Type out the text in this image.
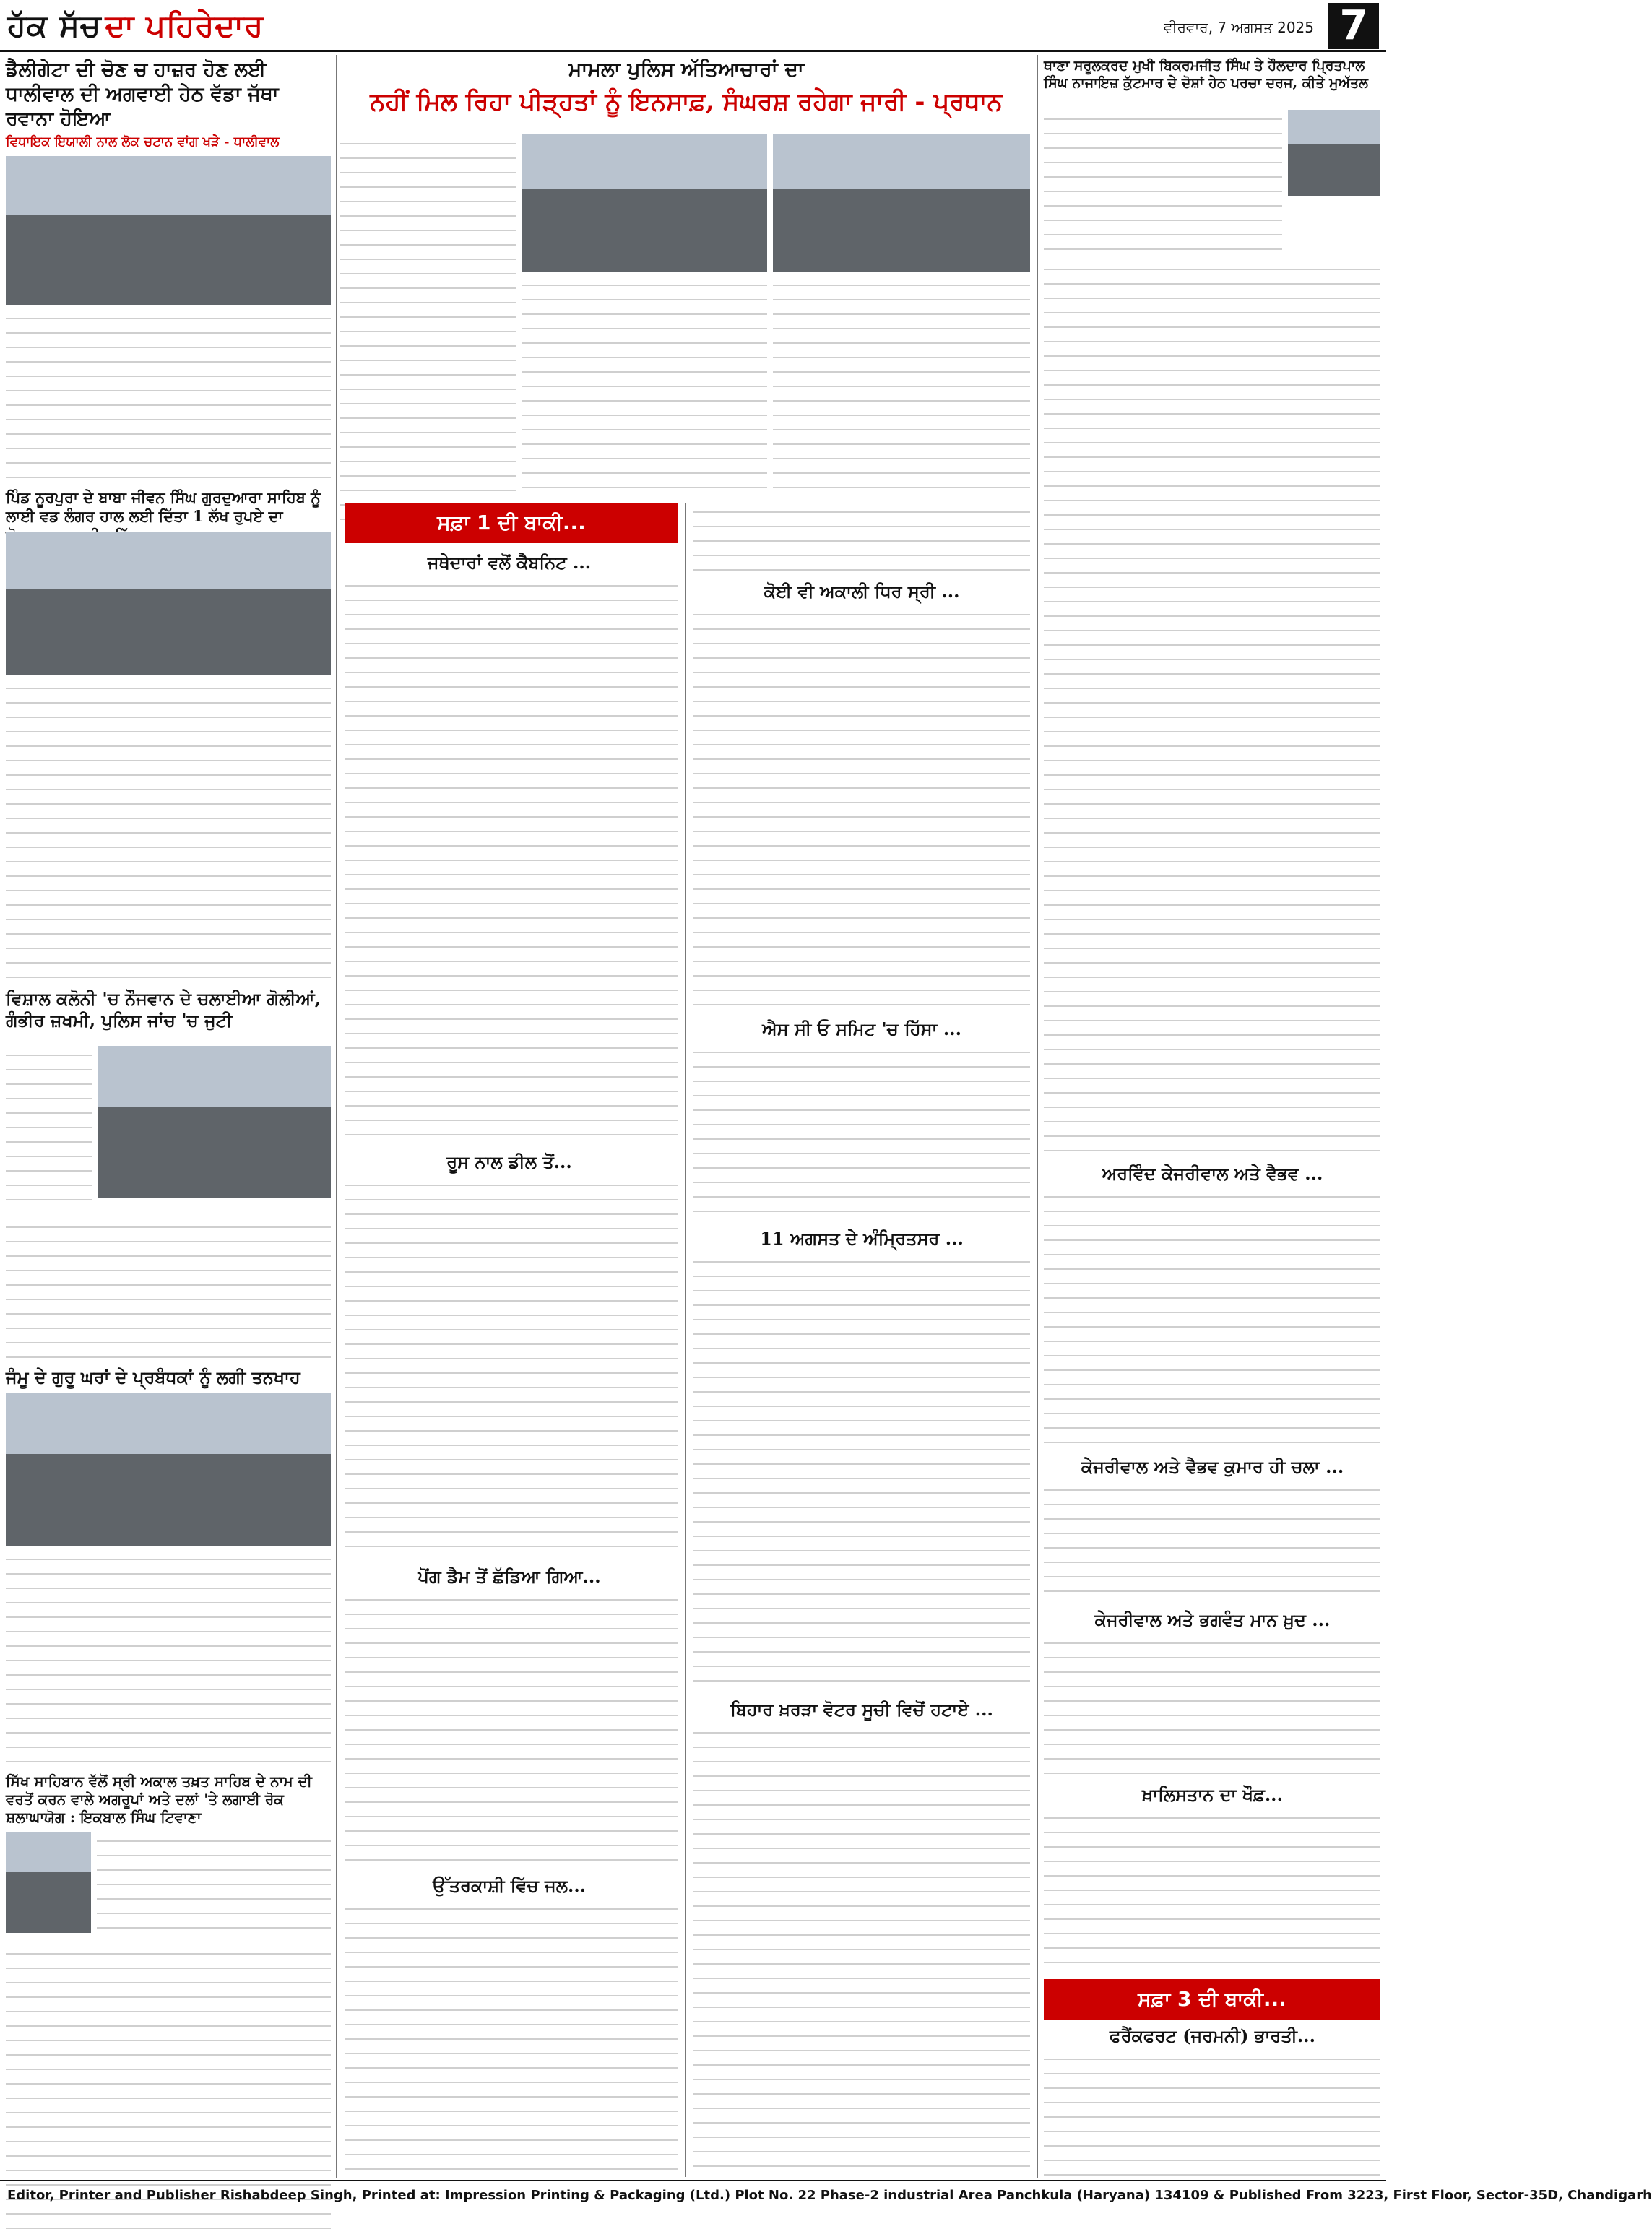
ਹੱਕ ਸੱਚ ਦਾ ਪਹਿਰੇਦਾਰ	ਵੀਰਵਾਰ, 7 ਅਗਸਤ 2025 7
ਡੈਲੀਗੇਟਾ ਦੀ ਚੋਣ ਚ ਹਾਜ਼ਰ ਹੋਣ ਲਈ ਧਾਲੀਵਾਲ ਦੀ ਅਗਵਾਈ ਹੇਠ ਵੱਡਾ ਜੱਥਾ ਰਵਾਨਾ ਹੋਇਆ
ਵਿਧਾਇਕ ਇਯਾਲੀ ਨਾਲ ਲੋਕ ਚਟਾਨ ਵਾਂਗ ਖੜੇ - ਧਾਲੀਵਾਲ
ਪਿੰਡ ਨੂਰਪੁਰਾ ਦੇ ਬਾਬਾ ਜੀਵਨ ਸਿੰਘ ਗੁਰਦੁਆਰਾ ਸਾਹਿਬ ਨੂੰ ਲਾਈ ਵਡ ਲੰਗਰ ਹਾਲ ਲਈ ਦਿੱਤਾ 1 ਲੱਖ ਰੁਪਏ ਦਾ
ਵਿਸ਼ਾਲ ਕਲੋਨੀ 'ਚ ਨੌਜਵਾਨ ਦੇ ਚਲਾਈਆ ਗੋਲੀਆਂ, ਗੰਭੀਰ ਜ਼ਖਮੀ, ਪੁਲਿਸ ਜਾਂਚ 'ਚ ਜੁਟੀ
ਜੰਮੂ ਦੇ ਗੁਰੂ ਘਰਾਂ ਦੇ ਪ੍ਰਬੰਧਕਾਂ ਨੂੰ ਲਗੀ ਤਨਖਾਹ
ਸਿੱਖ ਸਾਹਿਬਾਨ ਵੱਲੋਂ ਸ੍ਰੀ ਅਕਾਲ ਤਖ਼ਤ ਸਾਹਿਬ ਦੇ ਨਾਮ ਦੀ ਵਰਤੋਂ ਕਰਨ ਵਾਲੇ ਅਗਰੂਪਾਂ ਅਤੇ ਦਲਾਂ 'ਤੇ ਲਗਾਈ ਰੋਕ ਸ਼ਲਾਘਾਯੋਗ : ਇਕਬਾਲ ਸਿੰਘ ਟਿਵਾਣਾ
ਮਾਮਲਾ ਪੁਲਿਸ ਅੱਤਿਆਚਾਰਾਂ ਦਾ
ਨਹੀਂ ਮਿਲ ਰਿਹਾ ਪੀੜ੍ਹਤਾਂ ਨੂੰ ਇਨਸਾਫ਼, ਸੰਘਰਸ਼ ਰਹੇਗਾ ਜਾਰੀ - ਪ੍ਰਧਾਨ
ਸਫ਼ਾ 1 ਦੀ ਬਾਕੀ...
ਜਥੇਦਾਰਾਂ ਵਲੋਂ ਕੈਬਨਿਟ ...
ਰੂਸ ਨਾਲ ਡੀਲ ਤੋਂ...
ਪੋਂਗ ਡੈਮ ਤੋਂ ਛੱਡਿਆ ਗਿਆ...
ਉੱਤਰਕਾਸ਼ੀ ਵਿੱਚ ਜਲ...
ਕੋਈ ਵੀ ਅਕਾਲੀ ਧਿਰ ਸ੍ਰੀ ...
ਐਸ ਸੀ ਓ ਸਮਿਟ 'ਚ ਹਿੱਸਾ ...
11 ਅਗਸਤ ਦੇ ਅੰਮ੍ਰਿਤਸਰ ...
ਬਿਹਾਰ ਖ਼ਰੜਾ ਵੋਟਰ ਸੂਚੀ ਵਿਚੋਂ ਹਟਾਏ ...
ਥਾਣਾ ਸਰੂਲਕਰਦ ਮੁਖੀ ਬਿਕਰਮਜੀਤ ਸਿੰਘ ਤੇ ਹੌਲਦਾਰ ਪ੍ਰਿਤਪਾਲ ਸਿੰਘ ਨਾਜਾਇਜ਼ ਕੁੱਟਮਾਰ ਦੇ ਦੋਸ਼ਾਂ ਹੇਠ ਪਰਚਾ ਦਰਜ, ਕੀਤੇ ਮੁਅੱਤਲ
ਅਰਵਿੰਦ ਕੇਜਰੀਵਾਲ ਅਤੇ ਵੈਭਵ ...
ਕੇਜਰੀਵਾਲ ਅਤੇ ਵੈਭਵ ਕੁਮਾਰ ਹੀ ਚਲਾ ...
ਕੇਜਰੀਵਾਲ ਅਤੇ ਭਗਵੰਤ ਮਾਨ ਖ਼ੁਦ ...
ਖ਼ਾਲਿਸਤਾਨ ਦਾ ਖੌਫ਼...
ਸਫ਼ਾ 3 ਦੀ ਬਾਕੀ...
ਫਰੈਂਕਫਰਟ (ਜਰਮਨੀ) ਭਾਰਤੀ...
Editor, Printer and Publisher Rishabdeep Singh, Printed at: Impression Printing & Packaging (Ltd.) Plot No. 22 Phase-2 industrial Area Panchkula (Haryana) 134109 & Published From 3223, First Floor, Sector-35D, Chandigarh
